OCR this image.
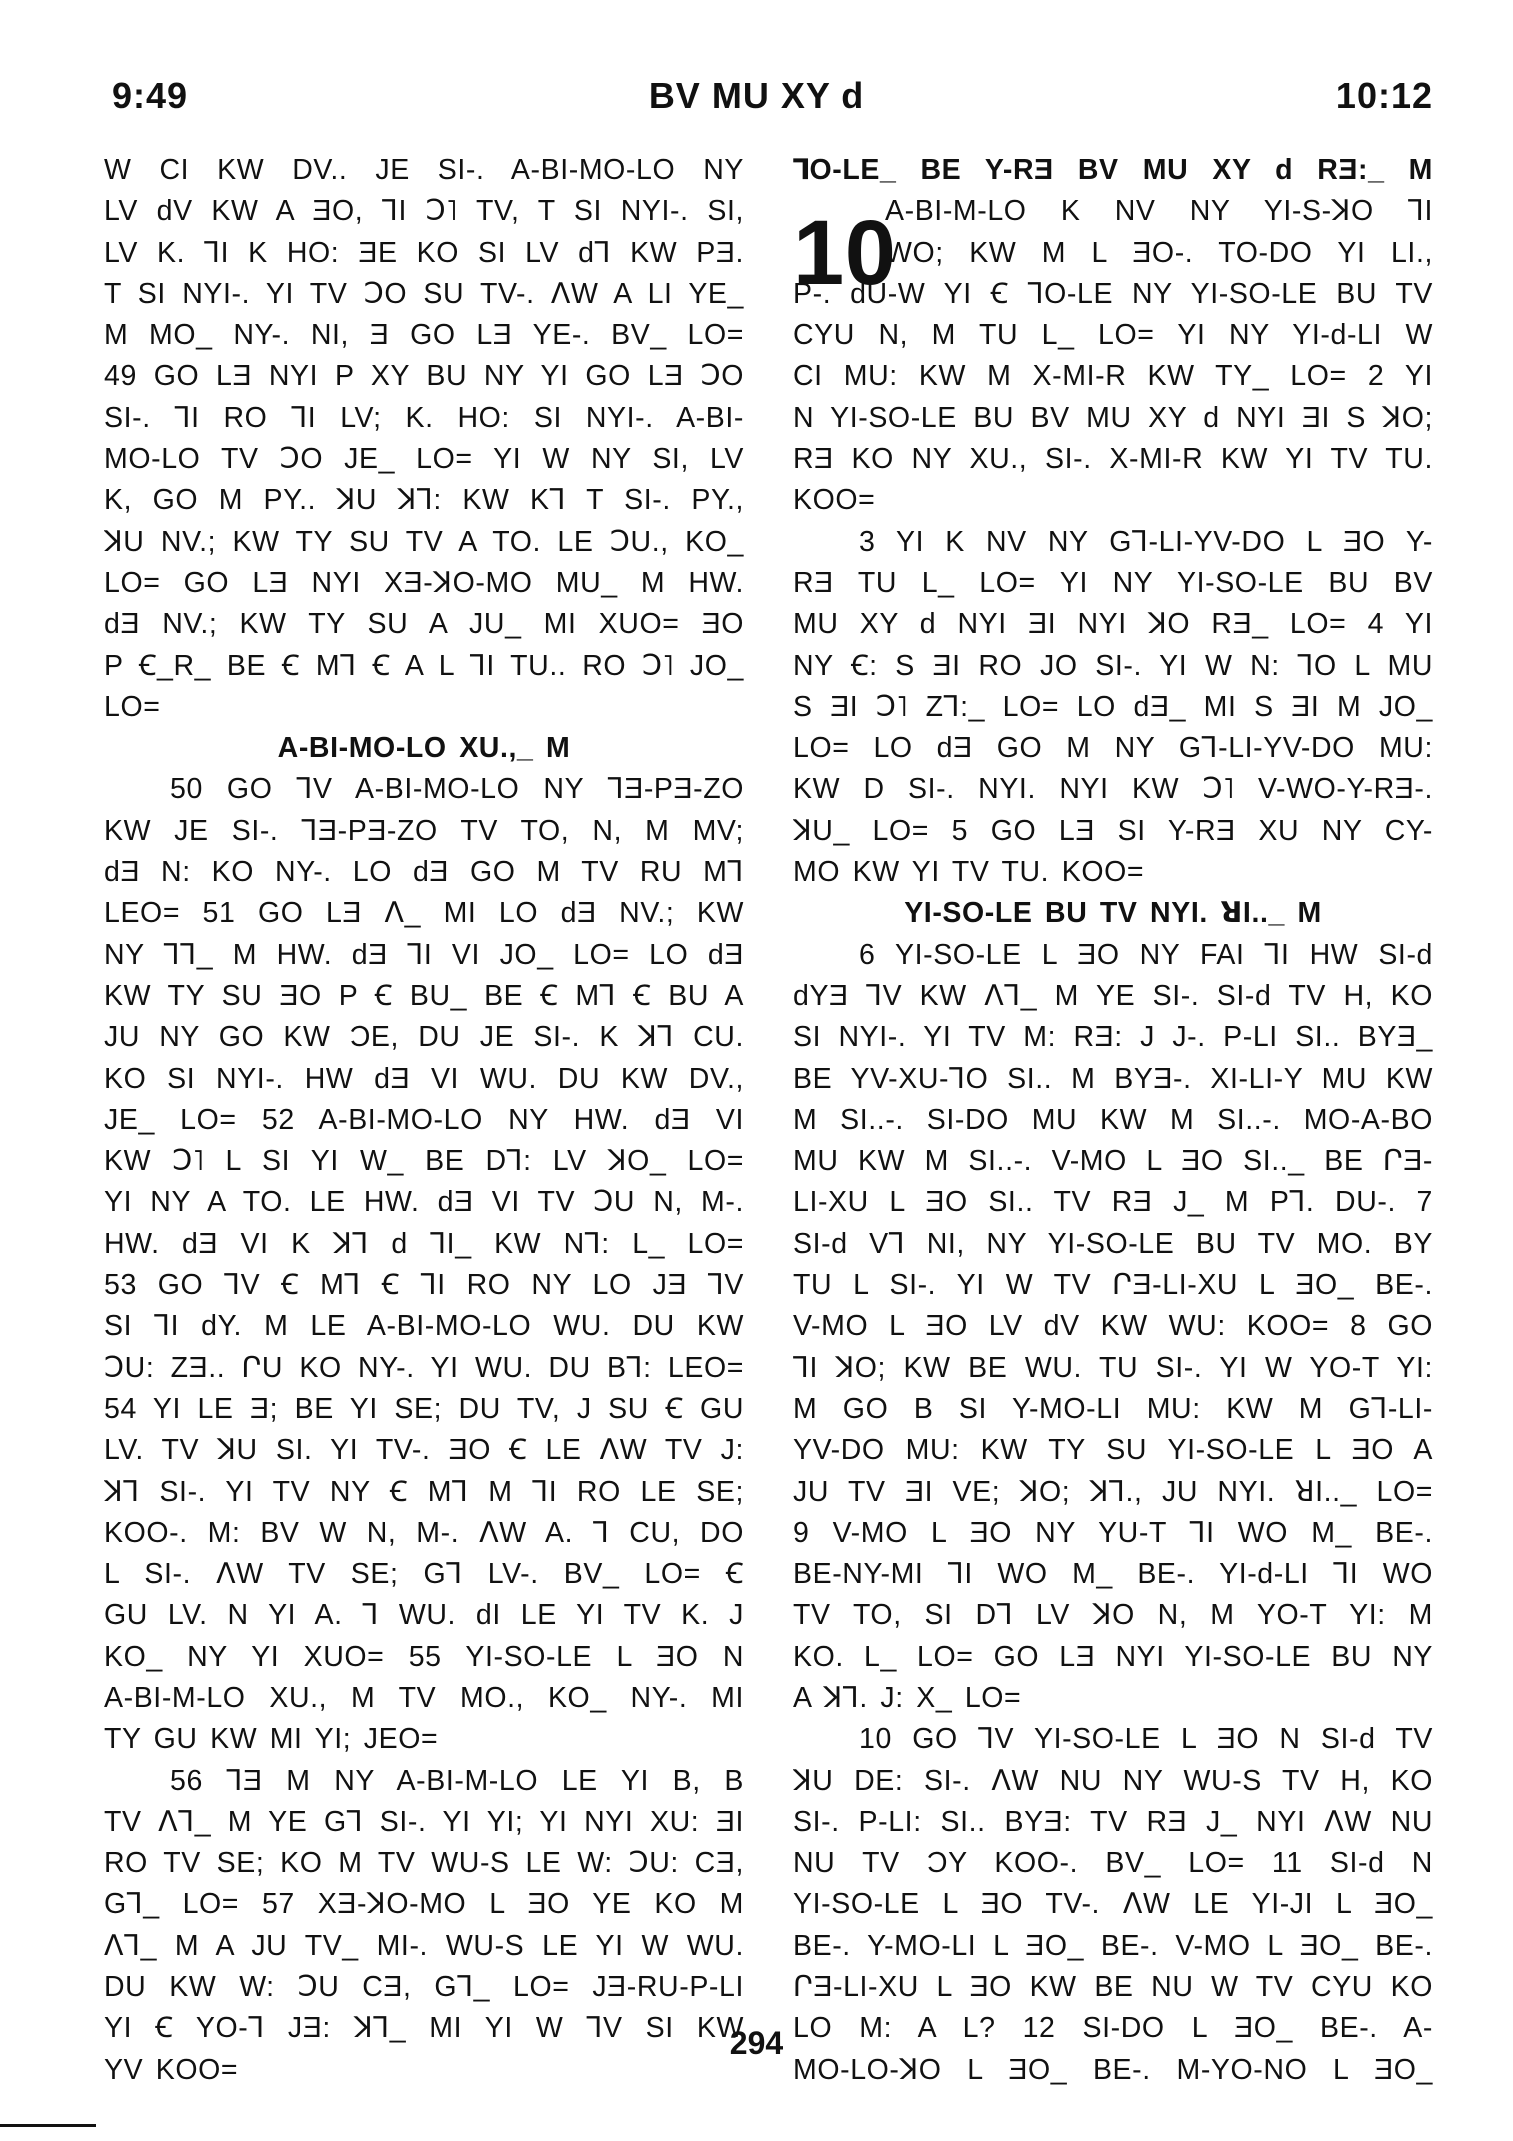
9:49	BV MU XY d	10:12
W CI KW DV.. JE SI-. A-BI-MO-LO NY
LV dV KW A ƎO, ⅂I Ↄ˥ TV, T SI NYI-. SI,
LV K. ⅂I K HO: ƎE KO SI LV d⅂ KW PƎ.
T SI NYI-. YI TV ↃO SU TV-. ꓥW A LI YE_
M MO_ NY-. NI, Ǝ GO LƎ YE-. BV_ LO=
49 GO LƎ NYI P XY BU NY YI GO LƎ ↃO
SI-. ⅂I RO ⅂I LV; K. HO: SI NYI-. A-BI-
MO-LO TV ↃO JE_ LO= YI W NY SI, LV
K, GO M PY.. ꓘU ꓘ⅂: KW K⅂ T SI-. PY.,
ꓘU NV.; KW TY SU TV A TO. LE ↃU., KO_
LO= GO LƎ NYI XƎ-ꓘO-MO MU_ M HW.
dƎ NV.; KW TY SU A JU_ MI XUO= ƎO
P Ꞓ_R_ BE Ꞓ M⅂ Ꞓ A L ⅂I TU.. RO Ↄ˥ JO_
LO=
A-BI-MO-LO XU.,_ M
50 GO ⅂V A-BI-MO-LO NY ⅂Ǝ-PƎ-ZO
KW JE SI-. ⅂Ǝ-PƎ-ZO TV TO, N, M MV;
dƎ N: KO NY-. LO dƎ GO M TV RU M⅂
LEO= 51 GO LƎ ꓥ_ MI LO dƎ NV.; KW
NY ⅂⅂_ M HW. dƎ ⅂I VI JO_ LO= LO dƎ
KW TY SU ƎO P Ꞓ BU_ BE Ꞓ M⅂ Ꞓ BU A
JU NY GO KW ƆE, DU JE SI-. K ꓘ⅂ CU.
KO SI NYI-. HW dƎ VI WU. DU KW DV.,
JE_ LO= 52 A-BI-MO-LO NY HW. dƎ VI
KW Ↄ˥ L SI YI W_ BE D⅂: LV ꓘO_ LO=
YI NY A TO. LE HW. dƎ VI TV ↃU N, M-.
HW. dƎ VI K ꓘ⅂ d ⅂I_ KW N⅂: L_ LO=
53 GO ⅂V Ꞓ M⅂ Ꞓ ⅂I RO NY LO JƎ ⅂V
SI ⅂I dY. M LE A-BI-MO-LO WU. DU KW
ↃU: ZƎ.. ՐU KO NY-. YI WU. DU B⅂: LEO=
54 YI LE Ǝ; BE YI SE; DU TV, J SU Ꞓ GU
LV. TV ꓘU SI. YI TV-. ƎO Ꞓ LE ꓥW TV J:
ꓘ⅂ SI-. YI TV NY Ꞓ M⅂ M ⅂I RO LE SE;
KOO-. M: BV W N, M-. ꓥW A. ⅂ CU, DO
L SI-. ꓥW TV SE; G⅂ LV-. BV_ LO= Ꞓ
GU LV. N YI A. ⅂ WU. dI LE YI TV K. J
KO_ NY YI XUO= 55 YI-SO-LE L ƎO N
A-BI-M-LO XU., M TV MO., KO_ NY-. MI
TY GU KW MI YI; JEO=
56 ⅂Ǝ M NY A-BI-M-LO LE YI B, B
TV ꓥ⅂_ M YE G⅂ SI-. YI YI; YI NYI XU: ƎI
RO TV SE; KO M TV WU-S LE W: ↃU: CƎ,
G⅂_ LO= 57 XƎ-ꓘO-MO L ƎO YE KO M
ꓥ⅂_ M A JU TV_ MI-. WU-S LE YI W WU.
DU KW W: ↃU CƎ, G⅂_ LO= JƎ-RU-P-LI
YI Ꞓ YO-⅂ JƎ: ꓘ⅂_ MI YI W ⅂V SI KW
YV KOO=
⅂O-LE_ BE Y-RƎ BV MU XY d RƎ:_ M
10
A-BI-M-LO K NV NY YI-S-ꓘO ⅂I
WO; KW M L ƎO-. TO-DO YI LI.,
P-. dU-W YI Ꞓ ⅂O-LE NY YI-SO-LE BU TV
CYU N, M TU L_ LO= YI NY YI-d-LI W
CI MU: KW M X-MI-R KW TY_ LO= 2 YI
N YI-SO-LE BU BV MU XY d NYI ƎI S ꓘO;
RƎ KO NY XU., SI-. X-MI-R KW YI TV TU.
KOO=
3 YI K NV NY G⅂-LI-YV-DO L ƎO Y-
RƎ TU L_ LO= YI NY YI-SO-LE BU BV
MU XY d NYI ƎI NYI ꓘO RƎ_ LO= 4 YI
NY Ꞓ: S ƎI RO JO SI-. YI W N: ⅂O L MU
S ƎI Ↄ˥ Z⅂:_ LO= LO dƎ_ MI S ƎI M JO_
LO= LO dƎ GO M NY G⅂-LI-YV-DO MU:
KW D SI-. NYI. NYI KW Ↄ˥ V-WO-Y-RƎ-.
ꓘU_ LO= 5 GO LƎ SI Y-RƎ XU NY CY-
MO KW YI TV TU. KOO=
YI-SO-LE BU TV NYI. ꓤI.._ M
6 YI-SO-LE L ƎO NY FAI ⅂I HW SI-d
dYƎ ⅂V KW ꓥ⅂_ M YE SI-. SI-d TV H, KO
SI NYI-. YI TV M: RƎ: J J-. P-LI SI.. BYƎ_
BE YV-XU-⅂O SI.. M BYƎ-. XI-LI-Y MU KW
M SI..-. SI-DO MU KW M SI..-. MO-A-BO
MU KW M SI..-. V-MO L ƎO SI.._ BE ՐƎ-
LI-XU L ƎO SI.. TV RƎ J_ M P⅂. DU-. 7
SI-d V⅂ NI, NY YI-SO-LE BU TV MO. BY
TU L SI-. YI W TV ՐƎ-LI-XU L ƎO_ BE-.
V-MO L ƎO LV dV KW WU: KOO= 8 GO
⅂I ꓘO; KW BE WU. TU SI-. YI W YO-T YI:
M GO B SI Y-MO-LI MU: KW M G⅂-LI-
YV-DO MU: KW TY SU YI-SO-LE L ƎO A
JU TV ƎI VE; ꓘO; ꓘ⅂., JU NYI. ꓤI.._ LO=
9 V-MO L ƎO NY YU-T ⅂I WO M_ BE-.
BE-NY-MI ⅂I WO M_ BE-. YI-d-LI ⅂I WO
TV TO, SI D⅂ LV ꓘO N, M YO-T YI: M
KO. L_ LO= GO LƎ NYI YI-SO-LE BU NY
A ꓘ⅂. J: X_ LO=
10 GO ⅂V YI-SO-LE L ƎO N SI-d TV
ꓘU DE: SI-. ꓥW NU NY WU-S TV H, KO
SI-. P-LI: SI.. BYƎ: TV RƎ J_ NYI ꓥW NU
NU TV ƆY KOO-. BV_ LO= 11 SI-d N
YI-SO-LE L ƎO TV-. ꓥW LE YI-JI L ƎO_
BE-. Y-MO-LI L ƎO_ BE-. V-MO L ƎO_ BE-.
ՐƎ-LI-XU L ƎO KW BE NU W TV CYU KO
LO M: A L? 12 SI-DO L ƎO_ BE-. A-
MO-LO-ꓘO L ƎO_ BE-. M-YO-NO L ƎO_
294
